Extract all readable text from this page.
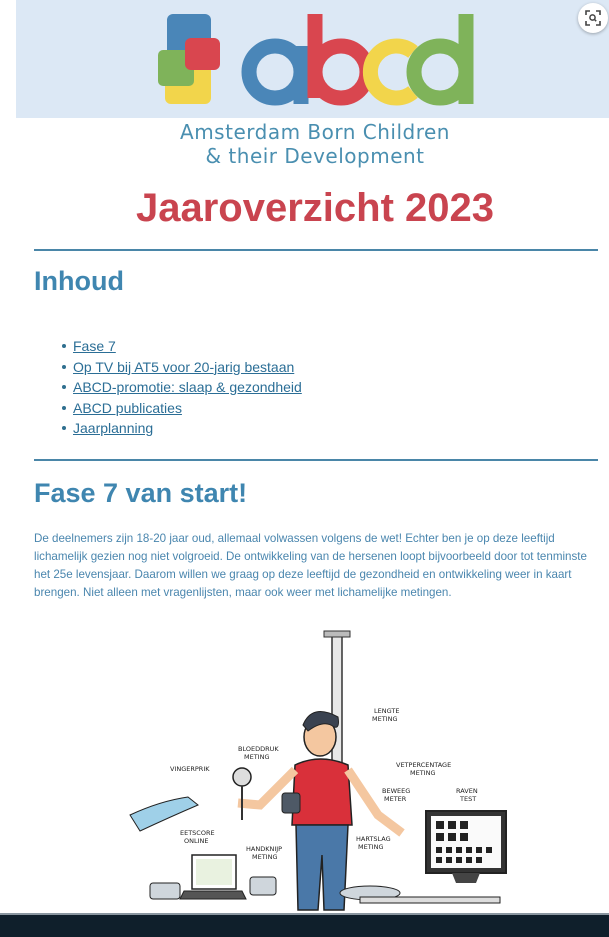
Amsterdam Born Children
& their Development
Jaaroverzicht 2023
Inhoud
Fase 7
Op TV bij AT5 voor 20-jarig bestaan
ABCD-promotie: slaap & gezondheid
ABCD publicaties
Jaarplanning
Fase 7 van start!

De deelnemers zijn 18-20 jaar oud, allemaal volwassen volgens de wet! Echter ben je op deze leeftijd lichamelijk gezien nog niet volgroeid. De ontwikkeling van de hersenen loopt bijvoorbeeld door tot tenminste het 25e levensjaar. Daarom willen we graag op deze leeftijd de gezondheid en ontwikkeling weer in kaart brengen. Niet alleen met vragenlijsten, maar ook weer met lichamelijke metingen.

VINGERPRIK
BLOEDDRUK
METING
LENGTE
METING
VETPERCENTAGE
METING
BEWEEG
METER
RAVEN
TEST
EETSCORE
ONLINE
HANDKNIJP
METING
HARTSLAG
METING
